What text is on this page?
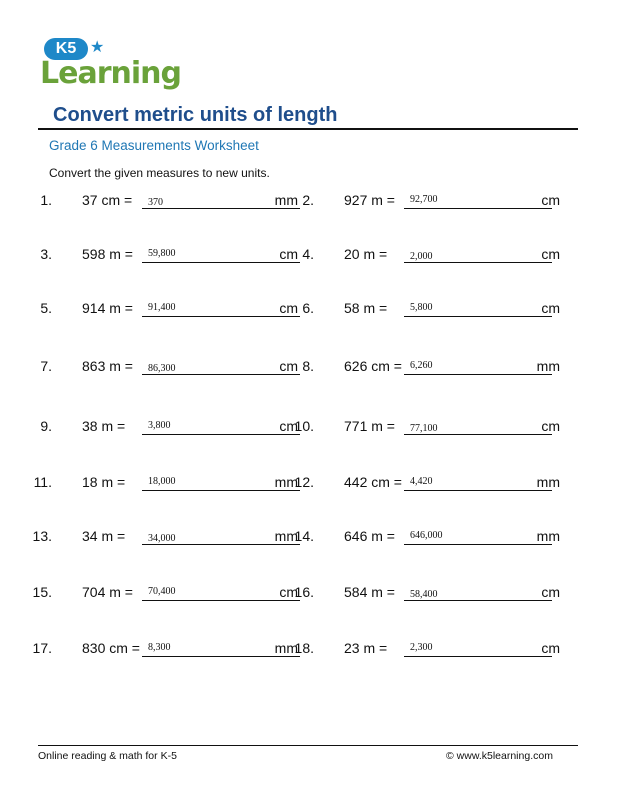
K5 ★
Learning
Convert metric units of length
Grade 6 Measurements Worksheet
Convert the given measures to new units.
1. 37 cm = 370	mm 2. 927 m = 92,700	cm
3. 598 m = 59,800	cm 4. 20 m = 2,000	cm
5. 914 m = 91,400	cm 6. 58 m = 5,800	cm
7. 863 m = 86,300	cm 8. 626 cm = 6,260	mm
9. 38 m = 3,800	cm
10. 771 m = 77,100	cm
11. 18 m = 18,000	mm
12. 442 cm = 4,420	mm
13. 34 m = 34,000	mm
14. 646 m = 646,000	mm
15. 704 m = 70,400	cm
16. 584 m = 58,400	cm
17. 830 cm = 8,300	mm
18. 23 m = 2,300	cm
Online reading & math for K-5	© www.k5learning.com
